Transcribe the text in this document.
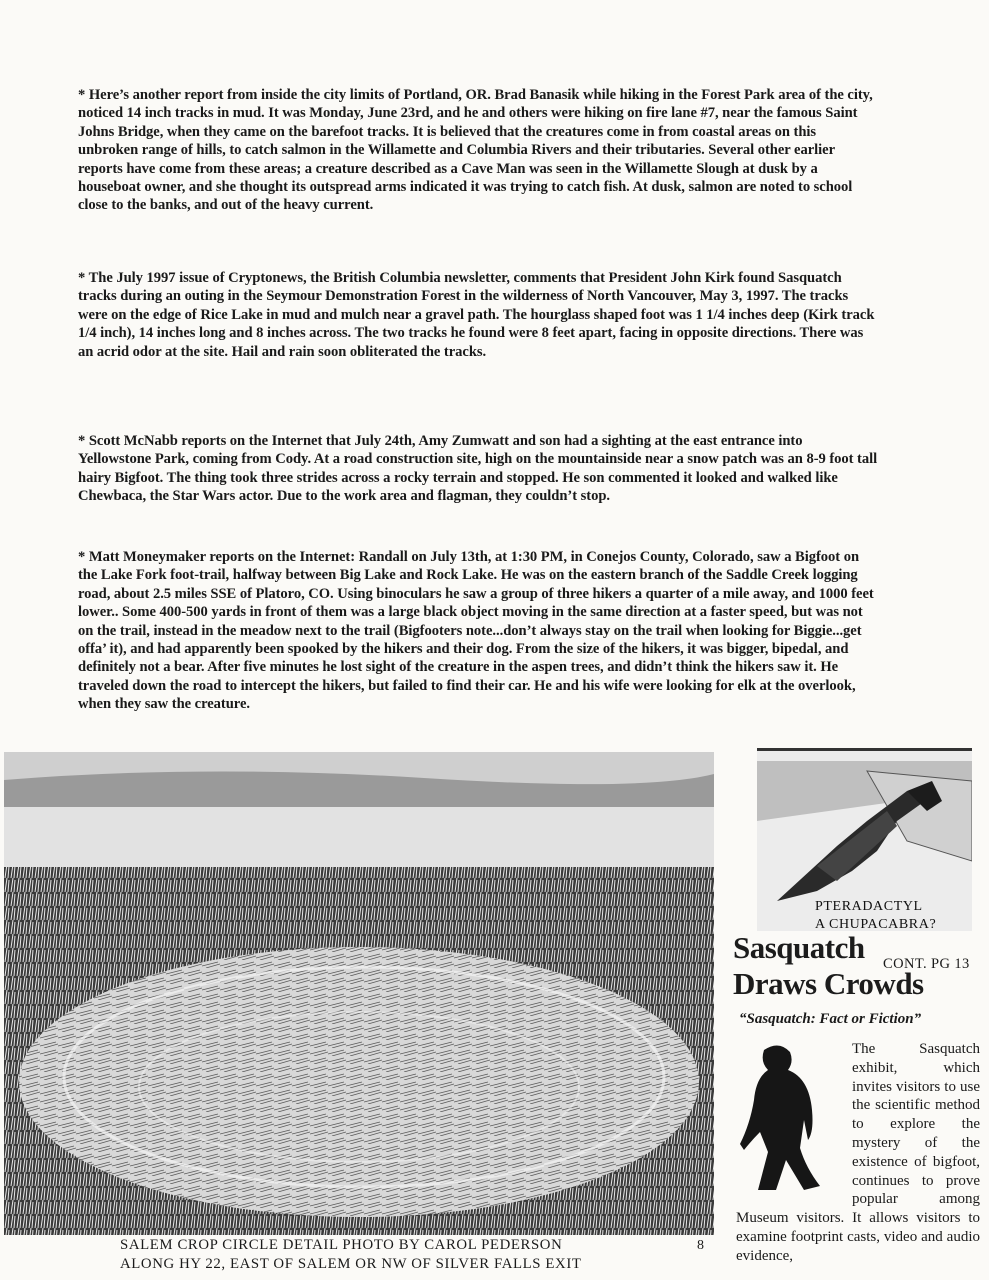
* Here’s another report from inside the city limits of Portland, OR. Brad Banasik while hiking in the Forest Park area of the city, noticed 14 inch tracks in mud. It was Monday, June 23rd, and he and others were hiking on fire lane #7, near the famous Saint Johns Bridge, when they came on the barefoot tracks. It is believed that the creatures come in from coastal areas on this unbroken range of hills, to catch salmon in the Willamette and Columbia Rivers and their tributaries. Several other earlier reports have come from these areas; a creature described as a Cave Man was seen in the Willamette Slough at dusk by a houseboat owner, and she thought its outspread arms indicated it was trying to catch fish. At dusk, salmon are noted to school close to the banks, and out of the heavy current.

* The July 1997 issue of Cryptonews, the British Columbia newsletter, comments that President John Kirk found Sasquatch tracks during an outing in the Seymour Demonstration Forest in the wilderness of North Vancouver, May 3, 1997. The tracks were on the edge of Rice Lake in mud and mulch near a gravel path. The hourglass shaped foot was 1 1/4 inches deep (Kirk track 1/4 inch), 14 inches long and 8 inches across. The two tracks he found were 8 feet apart, facing in opposite directions. There was an acrid odor at the site. Hail and rain soon obliterated the tracks.

* Scott McNabb reports on the Internet that July 24th, Amy Zumwatt and son had a sighting at the east entrance into Yellowstone Park, coming from Cody. At a road construction site, high on the mountainside near a snow patch was an 8-9 foot tall hairy Bigfoot. The thing took three strides across a rocky terrain and stopped. He son commented it looked and walked like Chewbaca, the Star Wars actor. Due to the work area and flagman, they couldn’t stop.

* Matt Moneymaker reports on the Internet: Randall on July 13th, at 1:30 PM, in Conejos County, Colorado, saw a Bigfoot on the Lake Fork foot-trail, halfway between Big Lake and Rock Lake. He was on the eastern branch of the Saddle Creek logging road, about 2.5 miles SSE of Platoro, CO. Using binoculars he saw a group of three hikers a quarter of a mile away, and 1000 feet lower.. Some 400-500 yards in front of them was a large black object moving in the same direction at a faster speed, but was not on the trail, instead in the meadow next to the trail (Bigfooters note...don’t always stay on the trail when looking for Biggie...get offa’ it), and had apparently been spooked by the hikers and their dog. From the size of the hikers, it was bigger, bipedal, and definitely not a bear. After five minutes he lost sight of the creature in the aspen trees, and didn’t think the hikers saw it. He traveled down the road to intercept the hikers, but failed to find their car. He and his wife were looking for elk at the overlook, when they saw the creature.

SALEM CROP CIRCLE DETAIL PHOTO BY CAROL PEDERSON
ALONG HY 22, EAST OF SALEM OR NW OF SILVER FALLS EXIT
8
PTERADACTYL
A CHUPACABRA?
Sasquatch
Draws Crowds
CONT. PG 13
“Sasquatch: Fact or Fiction”

The Sasquatch exhibit, which invites visitors to use the scientific method to explore the mystery of the existence of bigfoot, continues to prove popular among Museum visitors. It allows visitors to examine footprint casts, video and audio evidence,
